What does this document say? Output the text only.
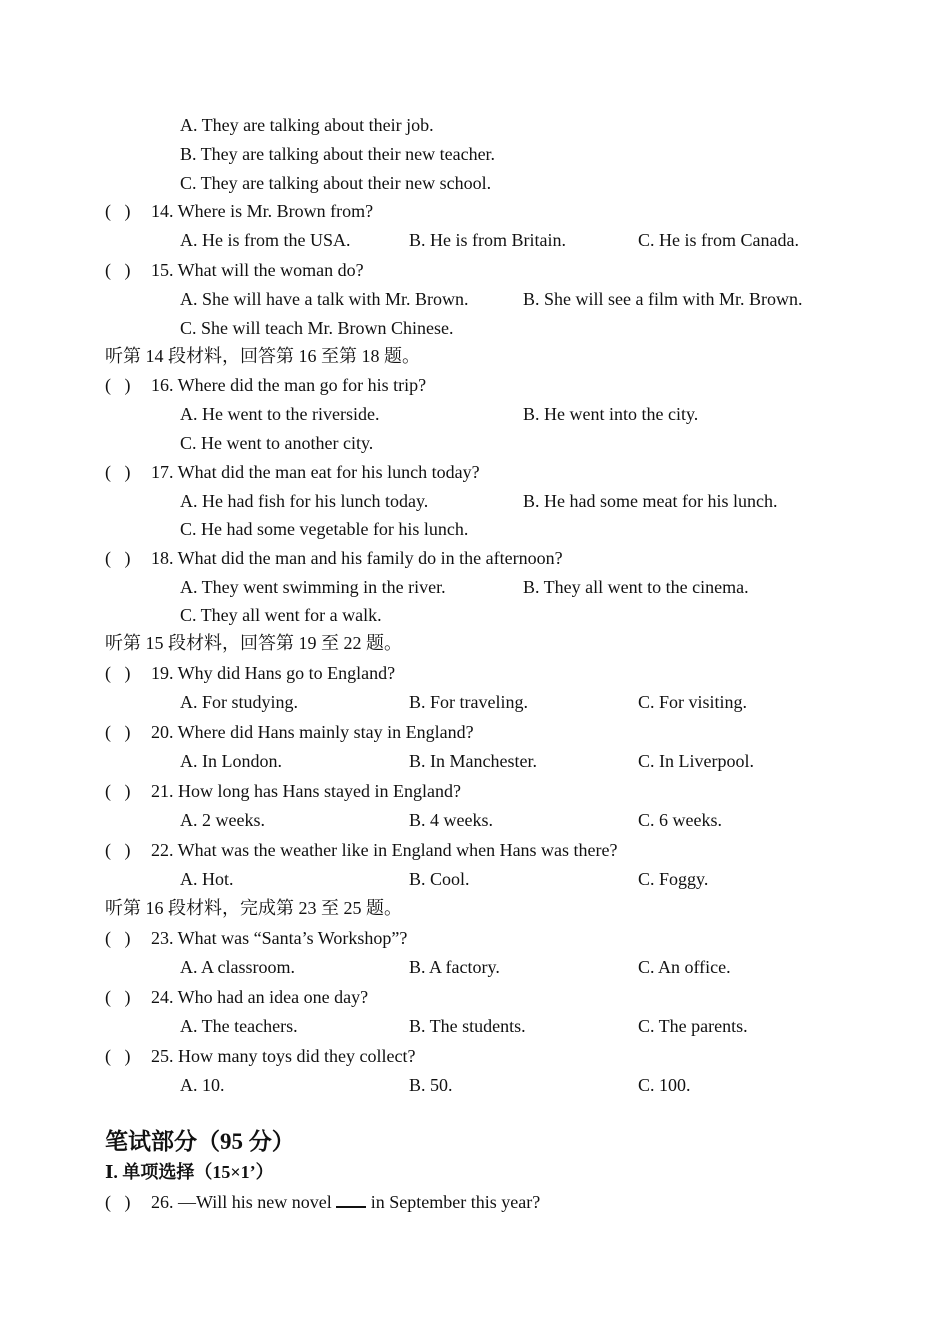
A. They are talking about their job.
B. They are talking about their new teacher.
C. They are talking about their new school.
(   ) 14. Where is Mr. Brown from?
A. He is from the USA.	B. He is from Britain.	C. He is from Canada.
(   ) 15. What will the woman do?
A. She will have a talk with Mr. Brown.	B. She will see a film with Mr. Brown.
C. She will teach Mr. Brown Chinese.
听第 14 段材料，回答第 16 至第 18 题。
(   ) 16. Where did the man go for his trip?
A. He went to the riverside.	B. He went into the city.
C. He went to another city.
(   ) 17. What did the man eat for his lunch today?
A. He had fish for his lunch today.	B. He had some meat for his lunch.
C. He had some vegetable for his lunch.
(   ) 18. What did the man and his family do in the afternoon?
A. They went swimming in the river.	B. They all went to the cinema.
C. They all went for a walk.
听第 15 段材料，回答第 19 至 22 题。
(   ) 19. Why did Hans go to England?
A. For studying.	B. For traveling.	C. For visiting.
(   ) 20. Where did Hans mainly stay in England?
A. In London.	B. In Manchester.	C. In Liverpool.
(   ) 21. How long has Hans stayed in England?
A. 2 weeks.	B. 4 weeks.	C. 6 weeks.
(   ) 22. What was the weather like in England when Hans was there?
A. Hot.	B. Cool.	C. Foggy.
听第 16 段材料，完成第 23 至 25 题。
(   ) 23. What was “Santa’s Workshop”?
A. A classroom.	B. A factory.	C. An office.
(   ) 24. Who had an idea one day?
A. The teachers.	B. The students.	C. The parents.
(   ) 25. How many toys did they collect?
A. 10.	B. 50.	C. 100.
笔试部分（95 分）
Ⅰ. 单项选择（15×1’）
(   ) 26. —Will his new novel in September this year?
